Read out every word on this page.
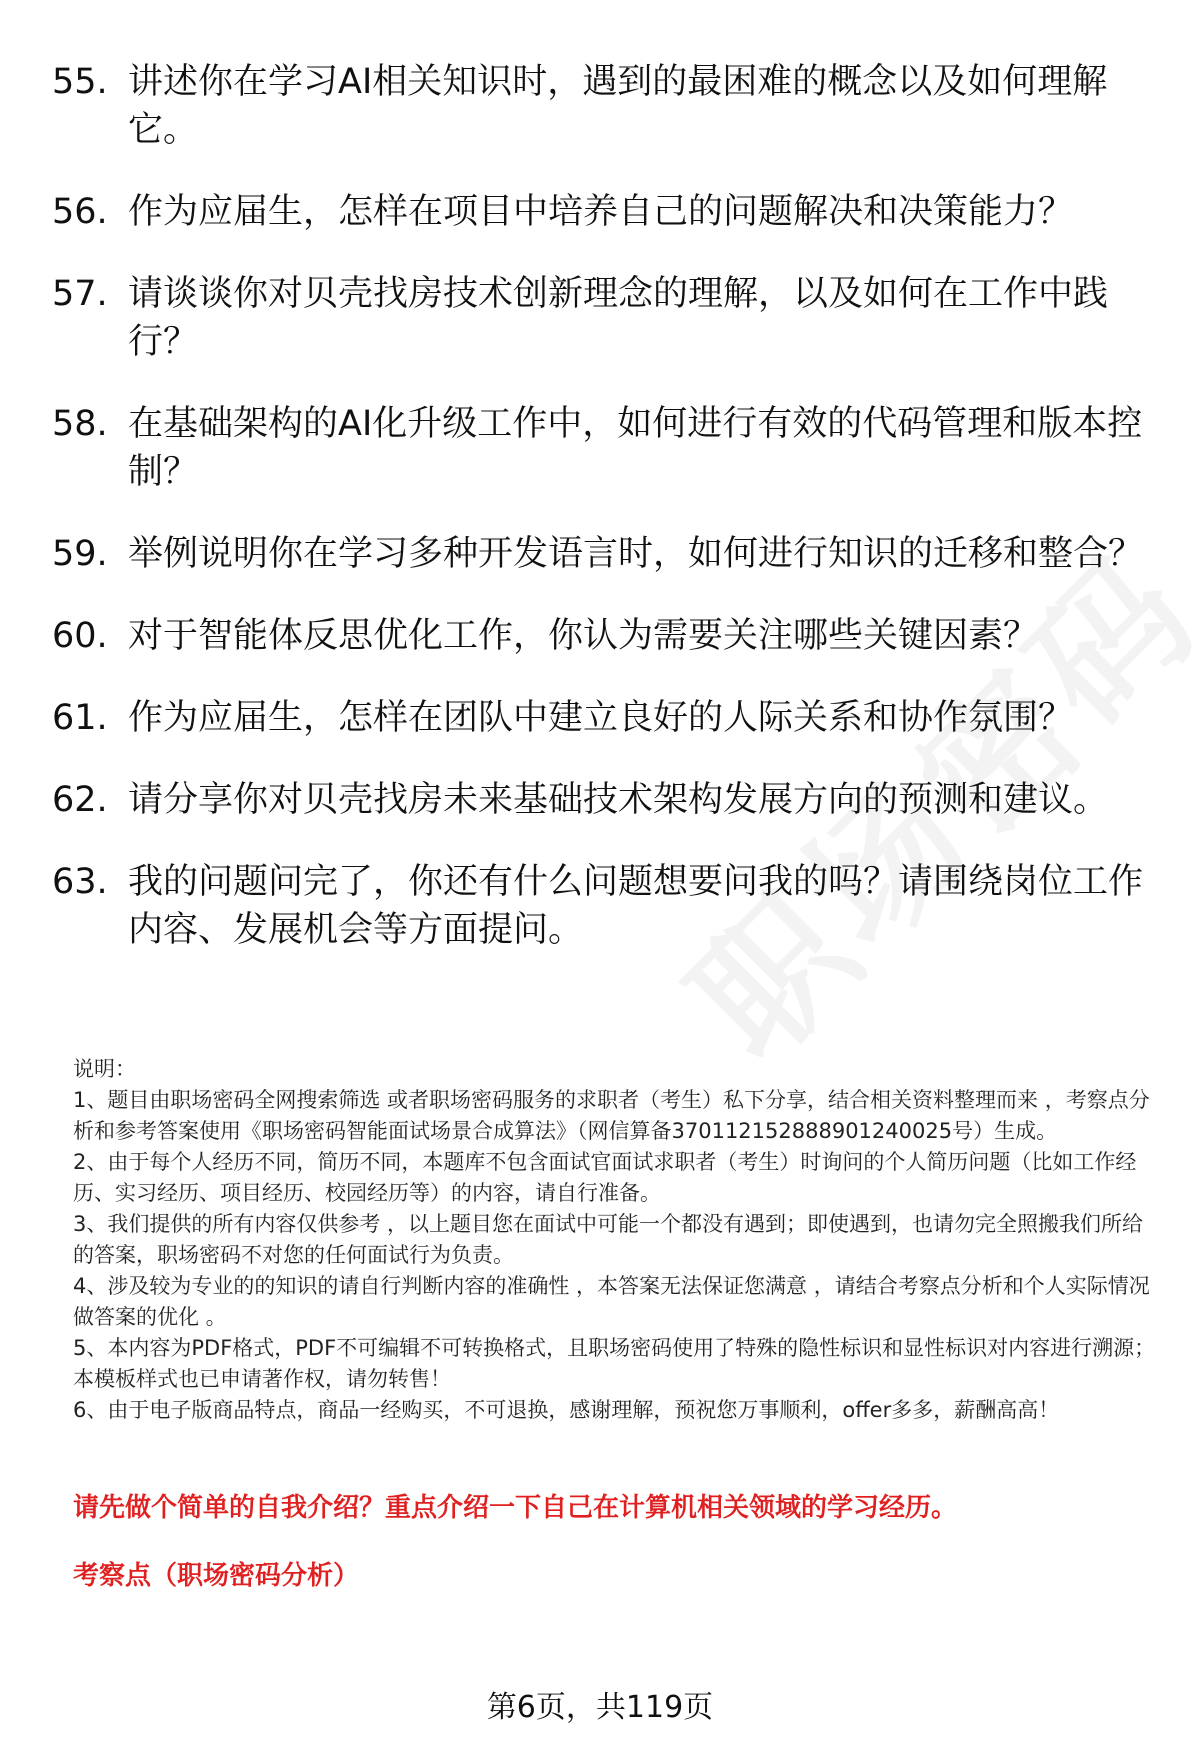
55. 讲述你在学习AI相关知识时，遇到的最困难的概念以及如何理解它。
56. 作为应届生，怎样在项目中培养自己的问题解决和决策能力？
57. 请谈谈你对贝壳找房技术创新理念的理解，以及如何在工作中践行？
58. 在基础架构的AI化升级工作中，如何进行有效的代码管理和版本控制？
59. 举例说明你在学习多种开发语言时，如何进行知识的迁移和整合？
60. 对于智能体反思优化工作，你认为需要关注哪些关键因素？
61. 作为应届生，怎样在团队中建立良好的人际关系和协作氛围？
62. 请分享你对贝壳找房未来基础技术架构发展方向的预测和建议。
63. 我的问题问完了，你还有什么问题想要问我的吗？请围绕岗位工作内容、发展机会等方面提问。

说明：

1、题目由职场密码全网搜索筛选 或者职场密码服务的求职者（考生）私下分享，结合相关资料整理而来 ，考察点分析和参考答案使用《职场密码智能面试场景合成算法》（网信算备370112152888901240025号）生成。

2、由于每个人经历不同，简历不同，本题库不包含面试官面试求职者（考生）时询问的个人简历问题（比如工作经历、实习经历、项目经历、校园经历等）的内容，请自行准备。

3、我们提供的所有内容仅供参考 ，以上题目您在面试中可能一个都没有遇到；即使遇到，也请勿完全照搬我们所给的答案，职场密码不对您的任何面试行为负责。

4、涉及较为专业的的知识的请自行判断内容的准确性 ，本答案无法保证您满意 ，请结合考察点分析和个人实际情况做答案的优化 。

5、本内容为PDF格式，PDF不可编辑不可转换格式，且职场密码使用了特殊的隐性标识和显性标识对内容进行溯源；本模板样式也已申请著作权，请勿转售！

6、由于电子版商品特点，商品一经购买，不可退换，感谢理解，预祝您万事顺利，offer多多，薪酬高高！

请先做个简单的自我介绍？重点介绍一下自己在计算机相关领域的学习经历。
考察点（职场密码分析）
第6页，共119页
